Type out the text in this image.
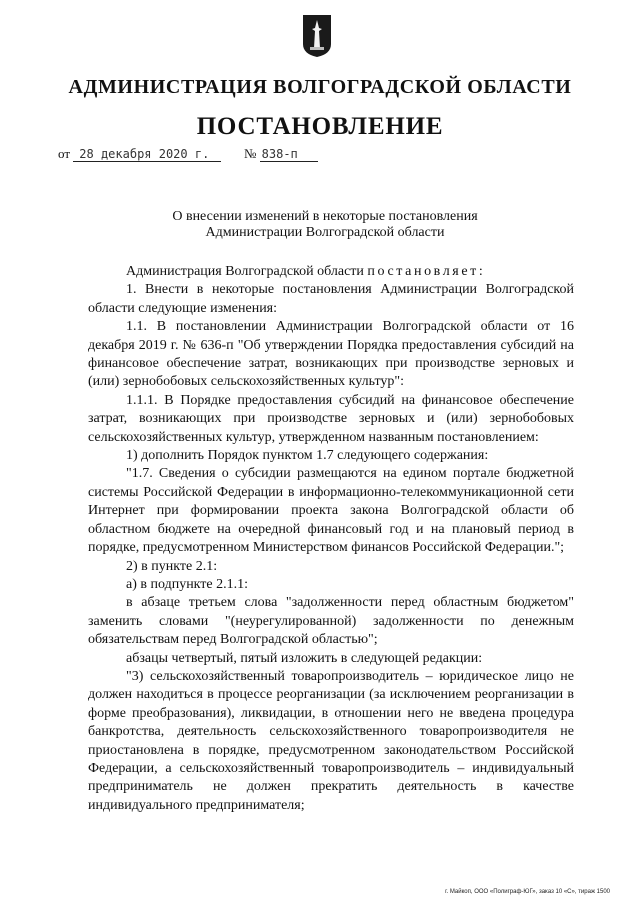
АДМИНИСТРАЦИЯ ВОЛГОГРАДСКОЙ ОБЛАСТИ
ПОСТАНОВЛЕНИЕ
от 28 декабря 2020 г.	№ 838-п
О внесении изменений в некоторые постановления
Администрации Волгоградской области

Администрация Волгоградской области постановляет:

1. Внести в некоторые постановления Администрации Волгоградской области следующие изменения:

1.1. В постановлении Администрации Волгоградской области от 16 декабря 2019 г. № 636-п "Об утверждении Порядка предоставления субсидий на финансовое обеспечение затрат, возникающих при производстве зерновых и (или) зернобобовых сельскохозяйственных культур":

1.1.1. В Порядке предоставления субсидий на финансовое обеспечение затрат, возникающих при производстве зерновых и (или) зернобобовых сельскохозяйственных культур, утвержденном названным постановлением:

1) дополнить Порядок пунктом 1.7 следующего содержания:

"1.7. Сведения о субсидии размещаются на едином портале бюджетной системы Российской Федерации в информационно-телекоммуникационной сети Интернет при формировании проекта закона Волгоградской области об областном бюджете на очередной финансовый год и на плановый период в порядке, предусмотренном Министерством финансов Российской Федерации.";

2) в пункте 2.1:

а) в подпункте 2.1.1:

в абзаце третьем слова "задолженности перед областным бюджетом" заменить словами "(неурегулированной) задолженности по денежным обязательствам перед Волгоградской областью";

абзацы четвертый, пятый изложить в следующей редакции:

"3) сельскохозяйственный товаропроизводитель – юридическое лицо не должен находиться в процессе реорганизации (за исключением реорганизации в форме преобразования), ликвидации, в отношении него не введена процедура банкротства, деятельность сельскохозяйственного товаропроизводителя не приостановлена в порядке, предусмотренном законодательством Российской Федерации, а сельскохозяйственный товаропроизводитель – индивидуальный предприниматель не должен прекратить деятельность в качестве индивидуального предпринимателя;

г. Майкоп, ООО «Полиграф-ЮГ», заказ 10 «С», тираж 1500
